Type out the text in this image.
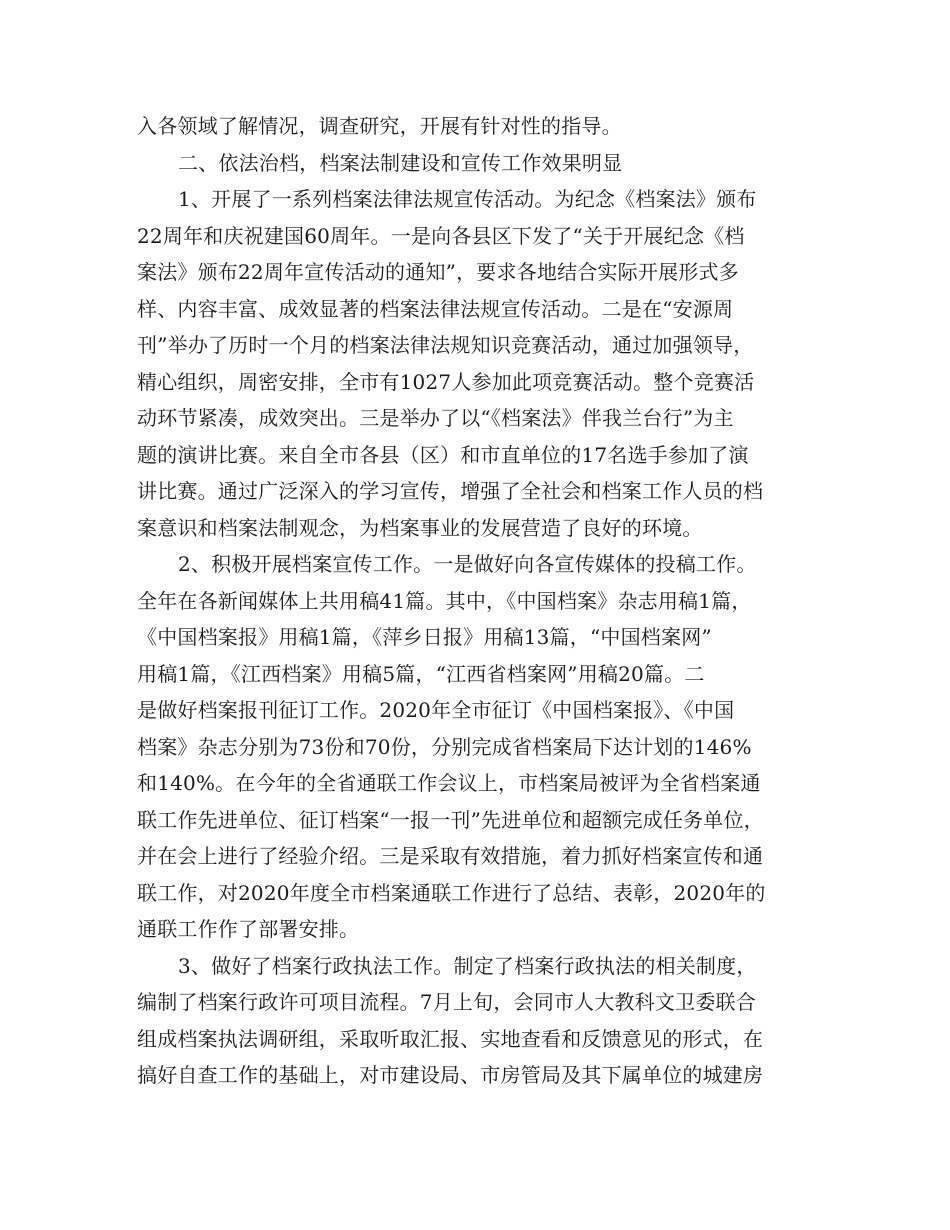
入各领域了解情况，调查研究，开展有针对性的指导。
二、依法治档，档案法制建设和宣传工作效果明显
1、开展了一系列档案法律法规宣传活动。为纪念《档案法》颁布
22周年和庆祝建国60周年。一是向各县区下发了“关于开展纪念《档
案法》颁布22周年宣传活动的通知”，要求各地结合实际开展形式多
样、内容丰富、成效显著的档案法律法规宣传活动。二是在“安源周
刊”举办了历时一个月的档案法律法规知识竞赛活动，通过加强领导，
精心组织，周密安排，全市有1027人参加此项竞赛活动。整个竞赛活
动环节紧凑，成效突出。三是举办了以“《档案法》伴我兰台行”为主
题的演讲比赛。来自全市各县（区）和市直单位的17名选手参加了演
讲比赛。通过广泛深入的学习宣传，增强了全社会和档案工作人员的档
案意识和档案法制观念，为档案事业的发展营造了良好的环境。
2、积极开展档案宣传工作。一是做好向各宣传媒体的投稿工作。
全年在各新闻媒体上共用稿41篇。其中，《中国档案》杂志用稿1篇，
《中国档案报》用稿1篇，《萍乡日报》用稿13篇，“中国档案网”
用稿1篇，《江西档案》用稿5篇，“江西省档案网”用稿20篇。二
是做好档案报刊征订工作。2020年全市征订《中国档案报》、《中国
档案》杂志分别为73份和70份，分别完成省档案局下达计划的146%
和140%。在今年的全省通联工作会议上，市档案局被评为全省档案通
联工作先进单位、征订档案“一报一刊”先进单位和超额完成任务单位，
并在会上进行了经验介绍。三是采取有效措施，着力抓好档案宣传和通
联工作，对2020年度全市档案通联工作进行了总结、表彰，2020年的
通联工作作了部署安排。
3、做好了档案行政执法工作。制定了档案行政执法的相关制度，
编制了档案行政许可项目流程。7月上旬，会同市人大教科文卫委联合
组成档案执法调研组，采取听取汇报、实地查看和反馈意见的形式，在
搞好自查工作的基础上，对市建设局、市房管局及其下属单位的城建房
